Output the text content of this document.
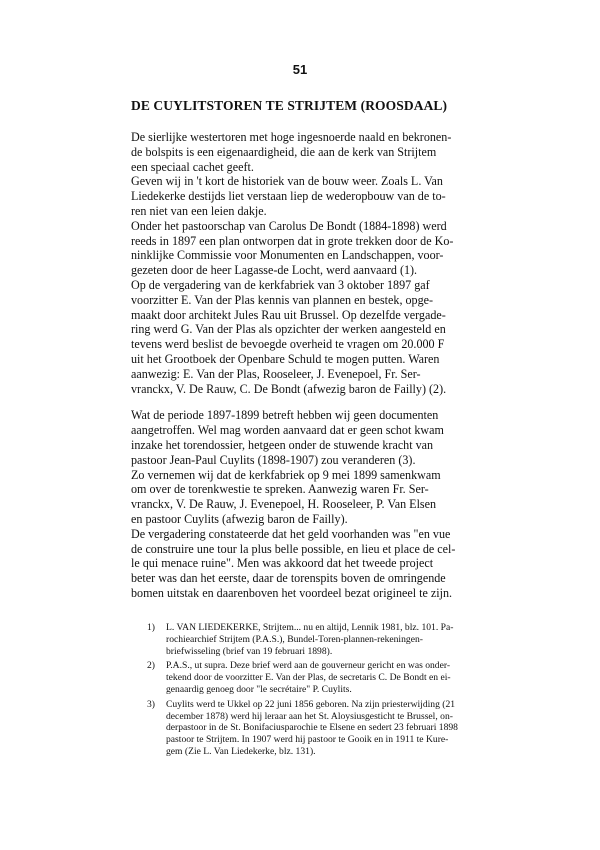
51
DE CUYLITSTOREN TE STRIJTEM (ROOSDAAL)
De sierlijke westertoren met hoge ingesnoerde naald en bekronen-
de bolspits is een eigenaardigheid, die aan de kerk van Strijtem
een speciaal cachet geeft.
Geven wij in 't kort de historiek van de bouw weer. Zoals L. Van
Liedekerke destijds liet verstaan liep de wederopbouw van de to-
ren niet van een leien dakje.
Onder het pastoorschap van Carolus De Bondt (1884-1898) werd
reeds in 1897 een plan ontworpen dat in grote trekken door de Ko-
ninklijke Commissie voor Monumenten en Landschappen, voor-
gezeten door de heer Lagasse-de Locht, werd aanvaard (1).
Op de vergadering van de kerkfabriek van 3 oktober 1897 gaf
voorzitter E. Van der Plas kennis van plannen en bestek, opge-
maakt door architekt Jules Rau uit Brussel. Op dezelfde vergade-
ring werd G. Van der Plas als opzichter der werken aangesteld en
tevens werd beslist de bevoegde overheid te vragen om 20.000 F
uit het Grootboek der Openbare Schuld te mogen putten. Waren
aanwezig: E. Van der Plas, Rooseleer, J. Evenepoel, Fr. Ser-
vranckx, V. De Rauw, C. De Bondt (afwezig baron de Failly) (2).
Wat de periode 1897-1899 betreft hebben wij geen documenten
aangetroffen. Wel mag worden aanvaard dat er geen schot kwam
inzake het torendossier, hetgeen onder de stuwende kracht van
pastoor Jean-Paul Cuylits (1898-1907) zou veranderen (3).
Zo vernemen wij dat de kerkfabriek op 9 mei 1899 samenkwam
om over de torenkwestie te spreken. Aanwezig waren Fr. Ser-
vranckx, V. De Rauw, J. Evenepoel, H. Rooseleer, P. Van Elsen
en pastoor Cuylits (afwezig baron de Failly).
De vergadering constateerde dat het geld voorhanden was "en vue
de construire une tour la plus belle possible, en lieu et place de cel-
le qui menace ruine". Men was akkoord dat het tweede project
beter was dan het eerste, daar de torenspits boven de omringende
bomen uitstak en daarenboven het voordeel bezat origineel te zijn.
1) L. VAN LIEDEKERKE, Strijtem... nu en altijd, Lennik 1981, blz. 101. Pa-
rochiearchief Strijtem (P.A.S.), Bundel-Toren-plannen-rekeningen-
briefwisseling (brief van 19 februari 1898).
2) P.A.S., ut supra. Deze brief werd aan de gouverneur gericht en was onder-
tekend door de voorzitter E. Van der Plas, de secretaris C. De Bondt en ei-
genaardig genoeg door "le secrétaire" P. Cuylits.
3) Cuylits werd te Ukkel op 22 juni 1856 geboren. Na zijn priesterwijding (21
december 1878) werd hij leraar aan het St. Aloysiusgesticht te Brussel, on-
derpastoor in de St. Bonifaciusparochie te Elsene en sedert 23 februari 1898
pastoor te Strijtem. In 1907 werd hij pastoor te Gooik en in 1911 te Kure-
gem (Zie L. Van Liedekerke, blz. 131).
